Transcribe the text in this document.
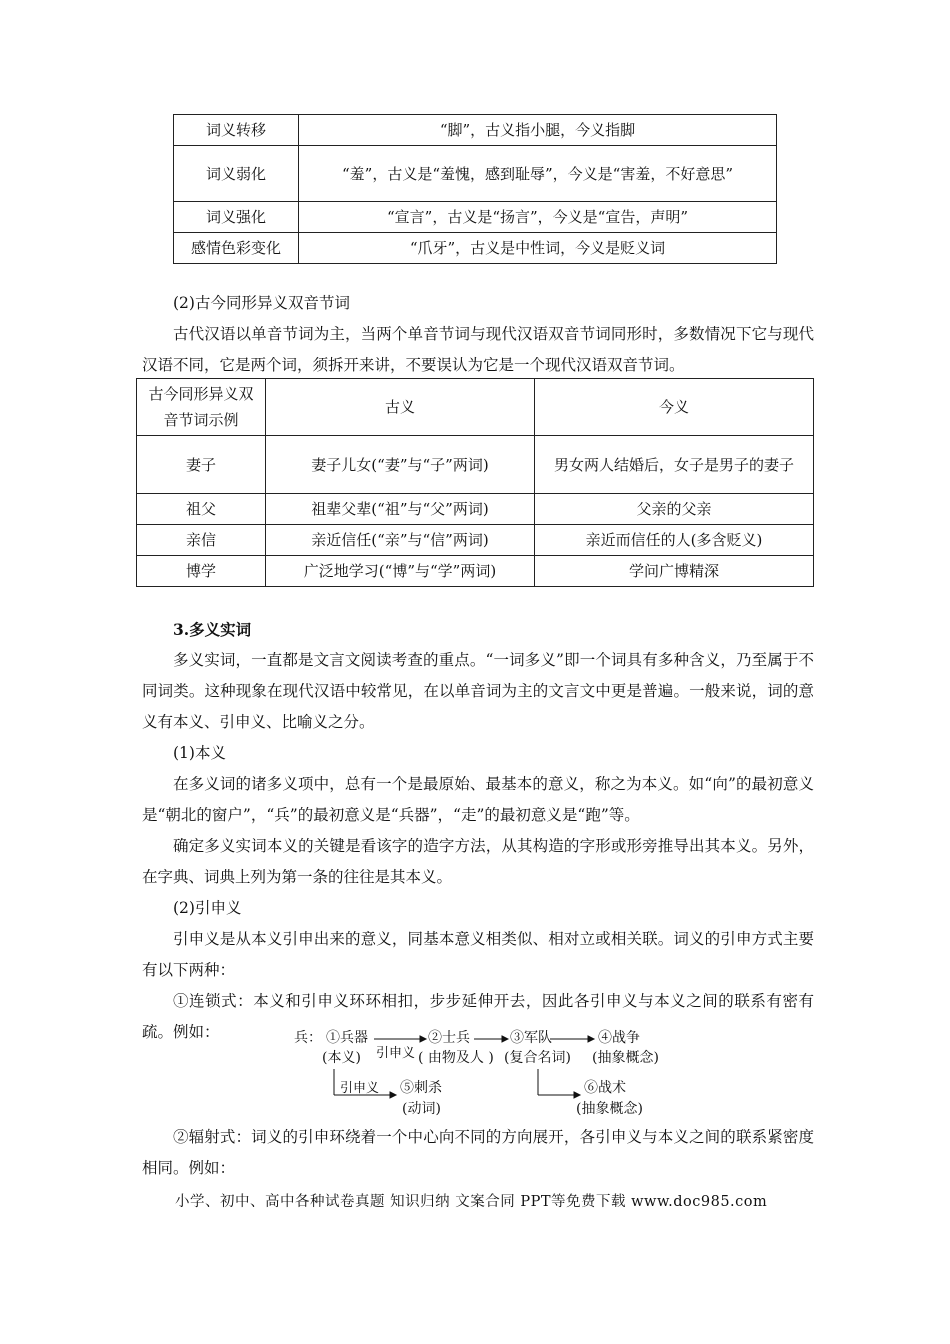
词义转移	“脚”，古义指小腿，今义指脚
词义弱化	“羞”，古义是“羞愧，感到耻辱”，今义是“害羞，不好意思”
词义强化	“宣言”，古义是“扬言”，今义是“宣告，声明”
感情色彩变化	“爪牙”，古义是中性词，今义是贬义词

(2)古今同形异义双音节词

古代汉语以单音节词为主，当两个单音节词与现代汉语双音节词同形时，多数情况下它与现代汉语不同，它是两个词，须拆开来讲，不要误认为它是一个现代汉语双音节词。

古今同形异义双音节词示例	古义	今义
妻子	妻子儿女(“妻”与“子”两词)	男女两人结婚后，女子是男子的妻子
祖父	祖辈父辈(“祖”与“父”两词)	父亲的父亲
亲信	亲近信任(“亲”与“信”两词)	亲近而信任的人(多含贬义)
博学	广泛地学习(“博”与“学”两词)	学问广博精深

3.多义实词

多义实词，一直都是文言文阅读考查的重点。“一词多义”即一个词具有多种含义，乃至属于不同词类。这种现象在现代汉语中较常见，在以单音词为主的文言文中更是普遍。一般来说，词的意义有本义、引申义、比喻义之分。

(1)本义

在多义词的诸多义项中，总有一个是最原始、最基本的意义，称之为本义。如“向”的最初意义是“朝北的窗户”，“兵”的最初意义是“兵器”，“走”的最初意义是“跑”等。

确定多义实词本义的关键是看该字的造字方法，从其构造的字形或形旁推导出其本义。另外，在字典、词典上列为第一条的往往是其本义。

(2)引申义

引申义是从本义引申出来的意义，同基本意义相类似、相对立或相关联。词义的引申方式主要有以下两种：

①连锁式：本义和引申义环环相扣，步步延伸开去，因此各引申义与本义之间的联系有密有疏。例如：	兵： ①兵器
(本义) 引申义
②士兵
( 由物及人 )
③军队
(复合名词)
④战争
(抽象概念)
引申义 ⑤刺杀
(动词)
⑥战术
(抽象概念)

②辐射式：词义的引申环绕着一个中心向不同的方向展开，各引申义与本义之间的联系紧密度相同。例如：

小学、初中、高中各种试卷真题 知识归纳 文案合同 PPT等免费下载 www.doc985.com
